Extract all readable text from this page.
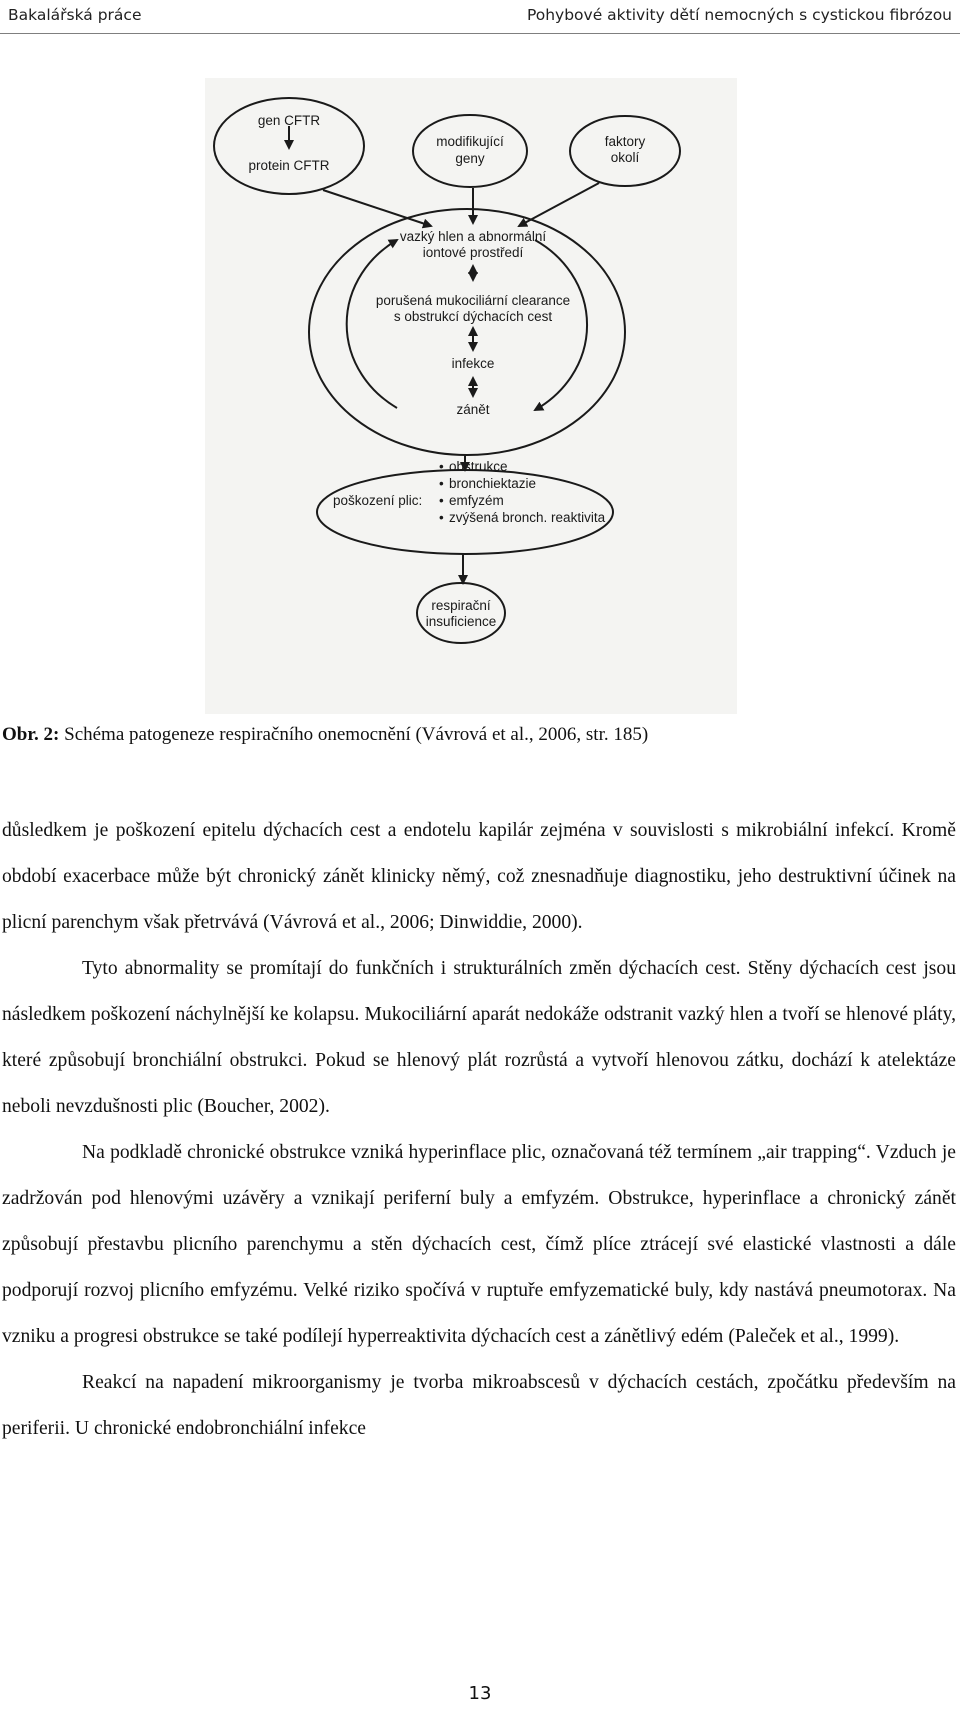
Bakalářská práce	Pohybové aktivity dětí nemocných s cystickou fibrózou
gen CFTR
protein CFTR
modifikující
geny
faktory
okolí
vazký hlen a abnormální
iontové prostředí
porušená mukociliární clearance
s obstrukcí dýchacích cest
infekce
zánět
poškození plic:
• obstrukce
• bronchiektazie
• emfyzém
• zvýšená bronch. reaktivita
respirační
insuficience
Obr. 2: Schéma patogeneze respiračního onemocnění (Vávrová et al., 2006, str. 185)

důsledkem je poškození epitelu dýchacích cest a endotelu kapilár zejména v souvislosti s mikrobiální infekcí. Kromě období exacerbace může být chronický zánět klinicky němý, což znesnadňuje diagnostiku, jeho destruktivní účinek na plicní parenchym však přetrvává (Vávrová et al., 2006; Dinwiddie, 2000).

Tyto abnormality se promítají do funkčních i strukturálních změn dýchacích cest. Stěny dýchacích cest jsou následkem poškození náchylnější ke kolapsu. Mukociliární aparát nedokáže odstranit vazký hlen a tvoří se hlenové pláty, které způsobují bronchiální obstrukci. Pokud se hlenový plát rozrůstá a vytvoří hlenovou zátku, dochází k atelektáze neboli nevzdušnosti plic (Boucher, 2002).

Na podkladě chronické obstrukce vzniká hyperinflace plic, označovaná též termínem „air trapping“. Vzduch je zadržován pod hlenovými uzávěry a vznikají periferní buly a emfyzém. Obstrukce, hyperinflace a chronický zánět způsobují přestavbu plicního parenchymu a stěn dýchacích cest, čímž plíce ztrácejí své elastické vlastnosti a dále podporují rozvoj plicního emfyzému. Velké riziko spočívá v ruptuře emfyzematické buly, kdy nastává pneumotorax. Na vzniku a progresi obstrukce se také podílejí hyperreaktivita dýchacích cest a zánětlivý edém (Paleček et al., 1999).

Reakcí na napadení mikroorganismy je tvorba mikroabscesů v dýchacích cestách, zpočátku především na periferii. U chronické endobronchiální infekce

13
